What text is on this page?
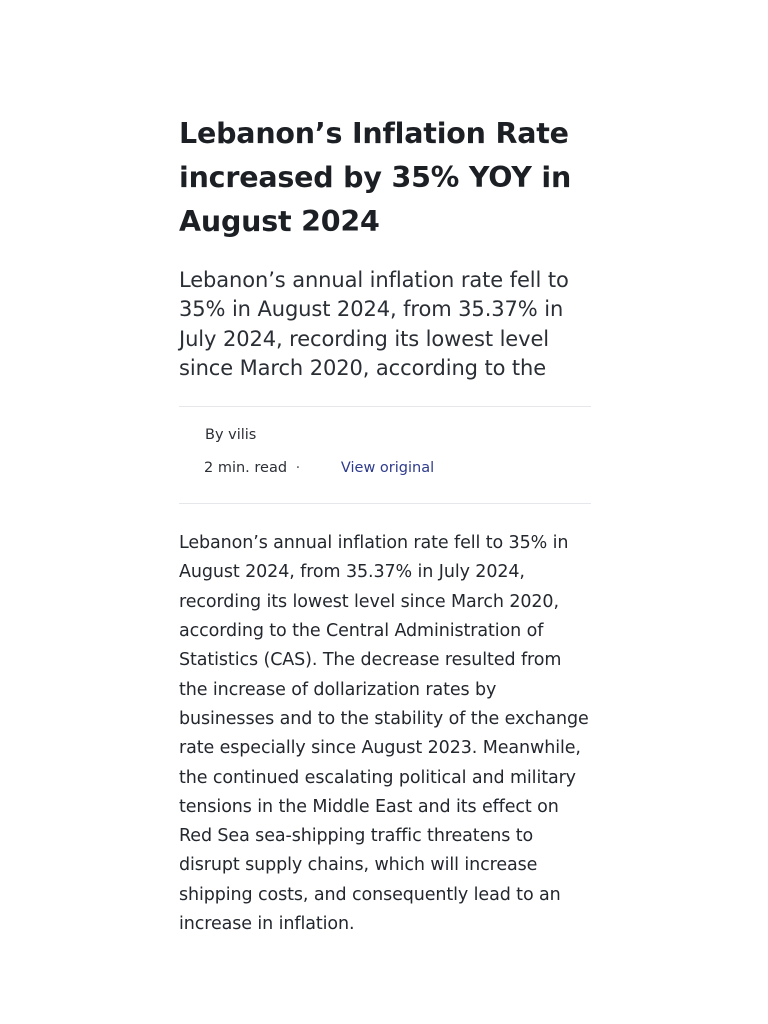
Lebanon’s Inflation Rate increased by 35% YOY in August 2024
Lebanon’s annual inflation rate fell to 35% in August 2024, from 35.37% in July 2024, recording its lowest level since March 2020, according to the
By vilis
2 min. read ·	View original

Lebanon’s annual inflation rate fell to 35% in August 2024, from 35.37% in July 2024, recording its lowest level since March 2020, according to the Central Administration of Statistics (CAS). The decrease resulted from the increase of dollarization rates by businesses and to the stability of the exchange rate especially since August 2023. Meanwhile, the continued escalating political and military tensions in the Middle East and its effect on Red Sea sea-shipping traffic threatens to disrupt supply chains, which will increase shipping costs, and consequently lead to an increase in inflation.
